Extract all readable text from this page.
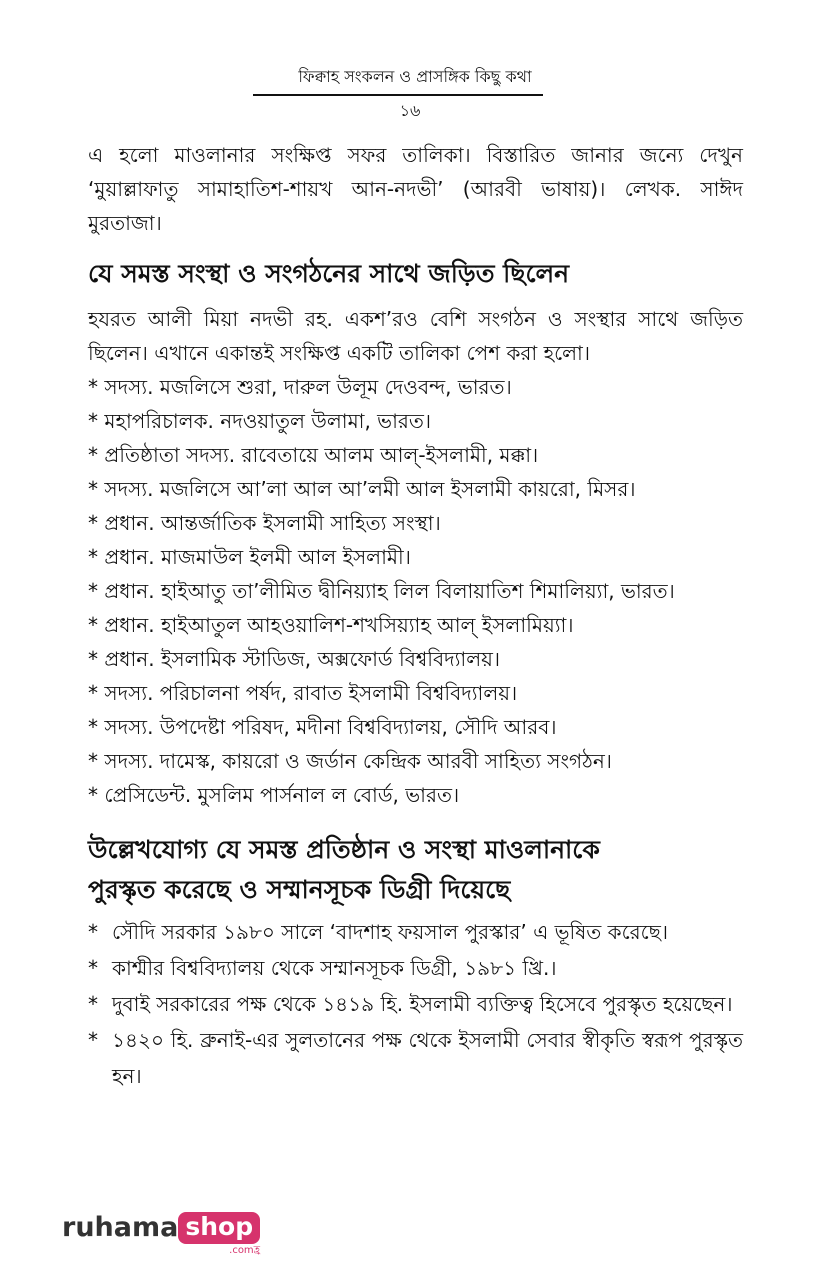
ফিক্বাহ সংকলন ও প্রাসঙ্গিক কিছু কথা
১৬

এ হলো মাওলানার সংক্ষিপ্ত সফর তালিকা। বিস্তারিত জানার জন্যে দেখুন ‘মুয়াল্লাফাতু সামাহাতিশ-শায়খ আন-নদভী’ (আরবী ভাষায়)। লেখক. সাঈদ মুরতাজা।

যে সমস্ত সংস্থা ও সংগঠনের সাথে জড়িত ছিলেন

হযরত আলী মিয়া নদভী রহ. একশ’রও বেশি সংগঠন ও সংস্থার সাথে জড়িত ছিলেন। এখানে একান্তই সংক্ষিপ্ত একটি তালিকা পেশ করা হলো।

* সদস্য. মজলিসে শুরা, দারুল উলূম দেওবন্দ, ভারত।
* মহাপরিচালক. নদওয়াতুল উলামা, ভারত।
* প্রতিষ্ঠাতা সদস্য. রাবেতায়ে আলম আল্-ইসলামী, মক্কা।
* সদস্য. মজলিসে আ’লা আল আ’লমী আল ইসলামী কায়রো, মিসর।
* প্রধান. আন্তর্জাতিক ইসলামী সাহিত্য সংস্থা।
* প্রধান. মাজমাউল ইলমী আল ইসলামী।
* প্রধান. হাইআতু তা’লীমিত দ্বীনিয়্যাহ লিল বিলায়াতিশ শিমালিয়্যা, ভারত।
* প্রধান. হাইআতুল আহওয়ালিশ-শখসিয়্যাহ আল্ ইসলামিয়্যা।
* প্রধান. ইসলামিক স্টাডিজ, অক্সফোর্ড বিশ্ববিদ্যালয়।
* সদস্য. পরিচালনা পর্ষদ, রাবাত ইসলামী বিশ্ববিদ্যালয়।
* সদস্য. উপদেষ্টা পরিষদ, মদীনা বিশ্ববিদ্যালয়, সৌদি আরব।
* সদস্য. দামেস্ক, কায়রো ও জর্ডান কেন্দ্রিক আরবী সাহিত্য সংগঠন।
* প্রেসিডেন্ট. মুসলিম পার্সনাল ল বোর্ড, ভারত।
উল্লেখযোগ্য যে সমস্ত প্রতিষ্ঠান ও সংস্থা মাওলানাকে
পুরস্কৃত করেছে ও সম্মানসূচক ডিগ্রী দিয়েছে
* সৌদি সরকার ১৯৮০ সালে ‘বাদশাহ ফয়সাল পুরস্কার’ এ ভূষিত করেছে।
* কাশ্মীর বিশ্ববিদ্যালয় থেকে সম্মানসূচক ডিগ্রী, ১৯৮১ খ্রি.।
* দুবাই সরকারের পক্ষ থেকে ১৪১৯ হি. ইসলামী ব্যক্তিত্ব হিসেবে পুরস্কৃত হয়েছেন।
* ১৪২০ হি. ব্রুনাই-এর সুলতানের পক্ষ থেকে ইসলামী সেবার স্বীকৃতি স্বরূপ পুরস্কৃত হন।
ruhama shop
.comহ্র
